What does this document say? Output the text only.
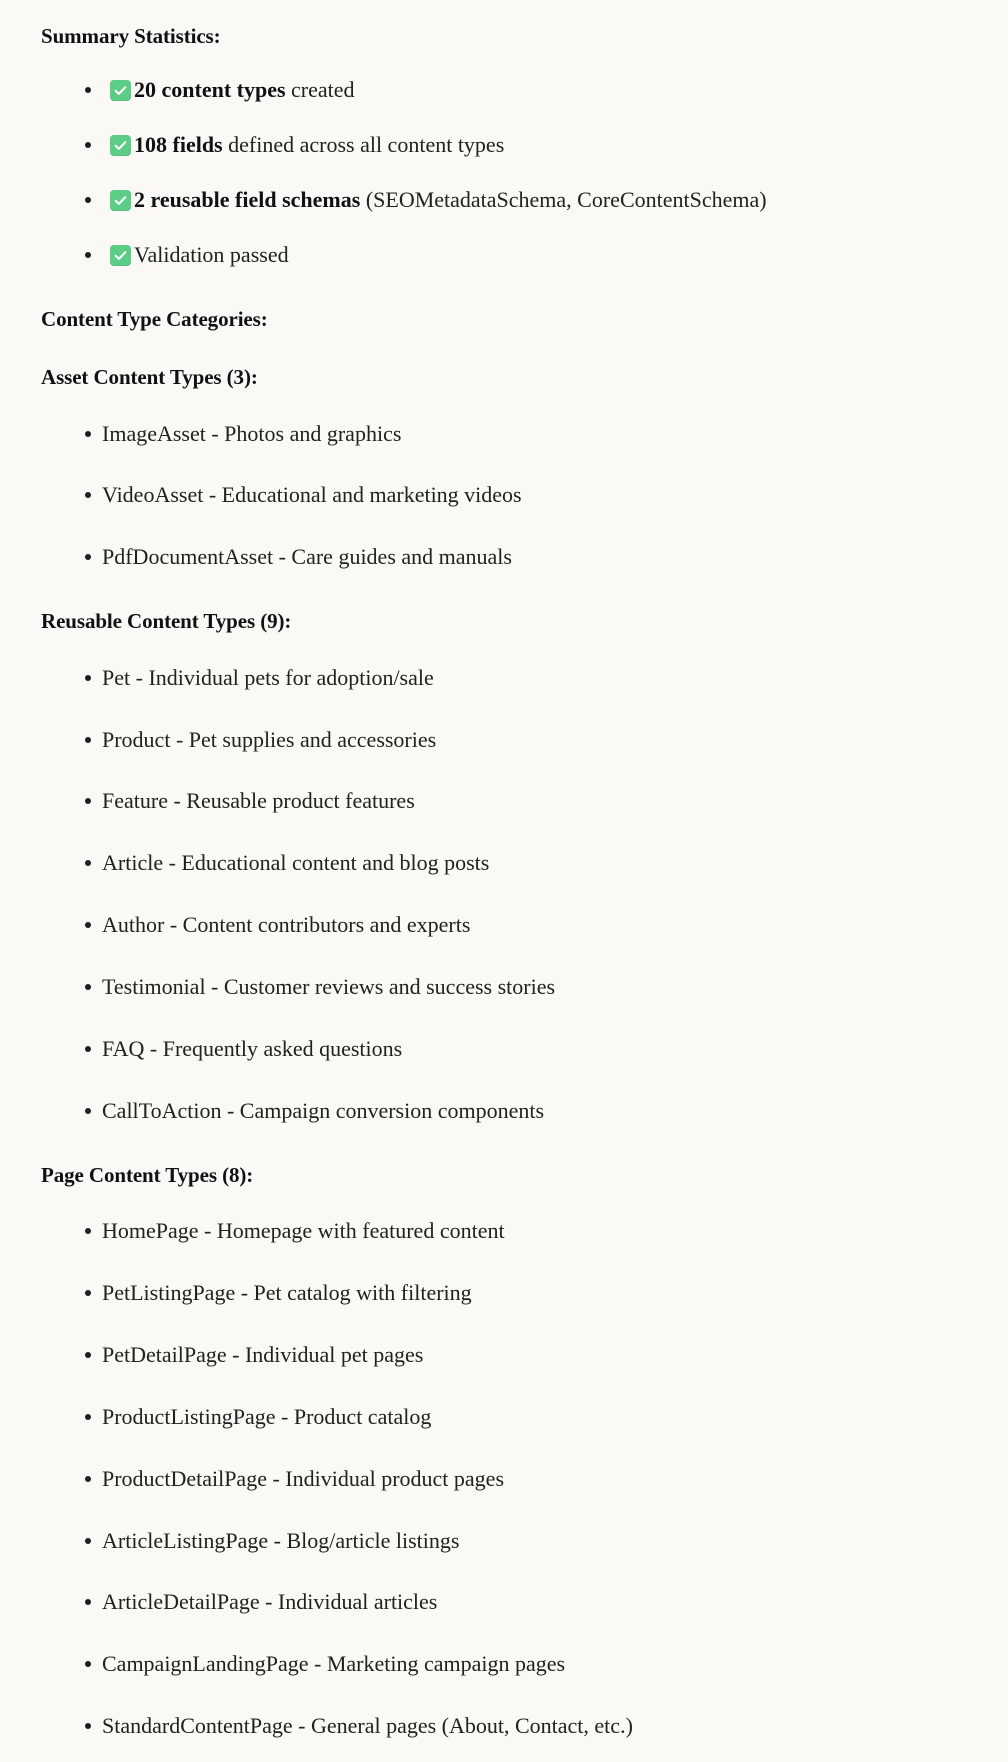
Summary Statistics:

20 content types created
108 fields defined across all content types
2 reusable field schemas (SEOMetadataSchema, CoreContentSchema)
Validation passed

Content Type Categories:

Asset Content Types (3):

ImageAsset - Photos and graphics
VideoAsset - Educational and marketing videos
PdfDocumentAsset - Care guides and manuals

Reusable Content Types (9):

Pet - Individual pets for adoption/sale
Product - Pet supplies and accessories
Feature - Reusable product features
Article - Educational content and blog posts
Author - Content contributors and experts
Testimonial - Customer reviews and success stories
FAQ - Frequently asked questions
CallToAction - Campaign conversion components

Page Content Types (8):

HomePage - Homepage with featured content
PetListingPage - Pet catalog with filtering
PetDetailPage - Individual pet pages
ProductListingPage - Product catalog
ProductDetailPage - Individual product pages
ArticleListingPage - Blog/article listings
ArticleDetailPage - Individual articles
CampaignLandingPage - Marketing campaign pages
StandardContentPage - General pages (About, Contact, etc.)
